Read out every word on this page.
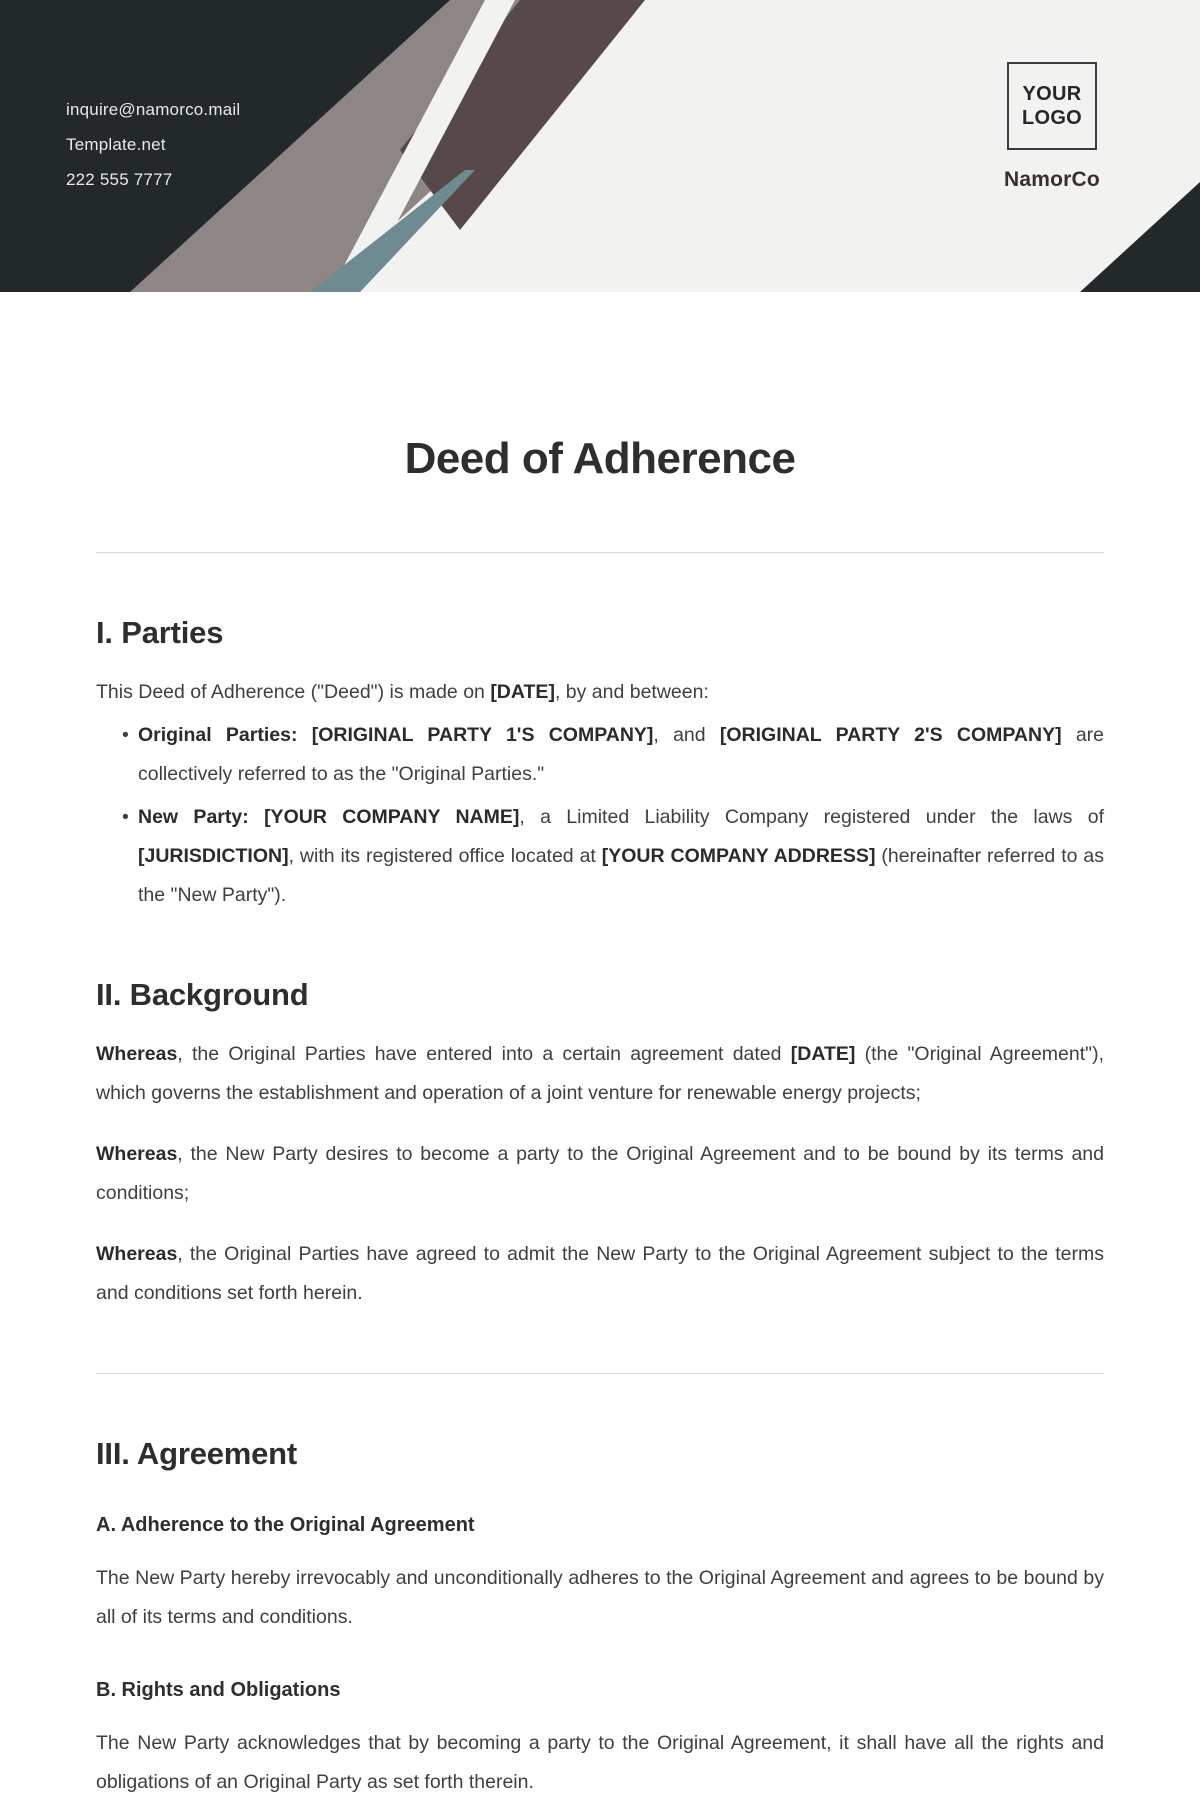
inquire@namorco.mail
Template.net
222 555 7777
YOUR
LOGO
NamorCo
Deed of Adherence
I. Parties

This Deed of Adherence ("Deed") is made on [DATE], by and between:

• Original Parties: [ORIGINAL PARTY 1'S COMPANY], and [ORIGINAL PARTY 2'S COMPANY] are collectively referred to as the "Original Parties."
• New Party: [YOUR COMPANY NAME], a Limited Liability Company registered under the laws of [JURISDICTION], with its registered office located at [YOUR COMPANY ADDRESS] (hereinafter referred to as the "New Party").
II. Background

Whereas, the Original Parties have entered into a certain agreement dated [DATE] (the "Original Agreement"), which governs the establishment and operation of a joint venture for renewable energy projects;

Whereas, the New Party desires to become a party to the Original Agreement and to be bound by its terms and conditions;

Whereas, the Original Parties have agreed to admit the New Party to the Original Agreement subject to the terms and conditions set forth herein.

III. Agreement
A. Adherence to the Original Agreement

The New Party hereby irrevocably and unconditionally adheres to the Original Agreement and agrees to be bound by all of its terms and conditions.

B. Rights and Obligations

The New Party acknowledges that by becoming a party to the Original Agreement, it shall have all the rights and obligations of an Original Party as set forth therein.
